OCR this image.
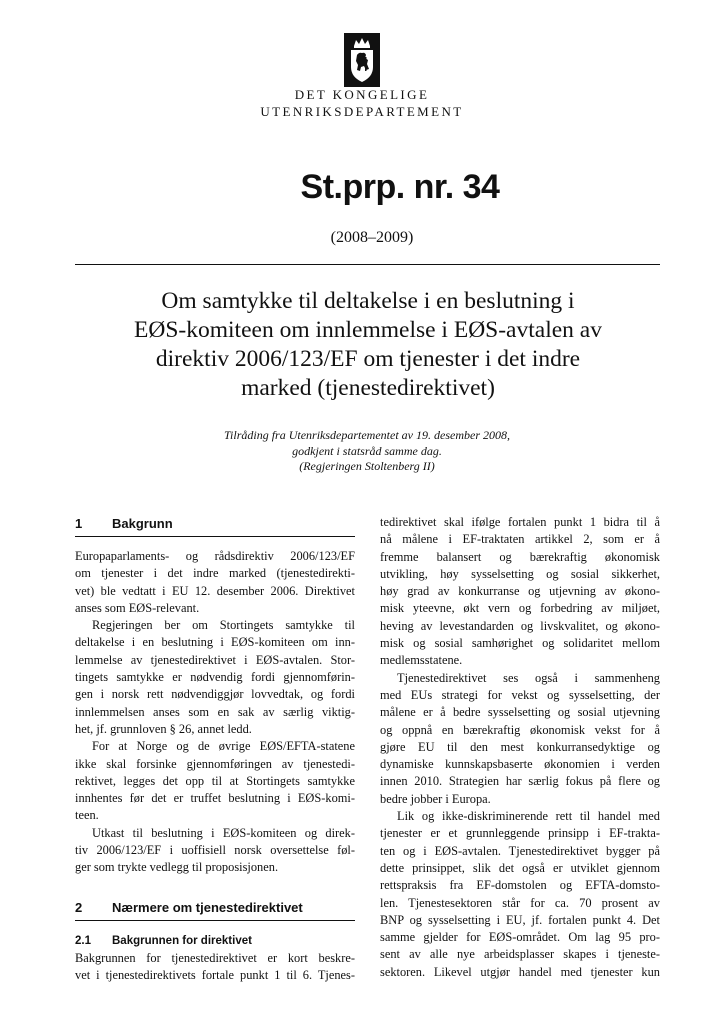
DET KONGELIGE
UTENRIKSDEPARTEMENT
St.prp. nr. 34
(2008–2009)
Om samtykke til deltakelse i en beslutning i
EØS-komiteen om innlemmelse i EØS-avtalen av
direktiv 2006/123/EF om tjenester i det indre
marked (tjenestedirektivet)
Tilråding fra Utenriksdepartementet av 19. desember 2008,
godkjent i statsråd samme dag.
(Regjeringen Stoltenberg II)
1 Bakgrunn
Europaparlaments- og rådsdirektiv 2006/123/EF
om tjenester i det indre marked (tjenestedirekti-
vet) ble vedtatt i EU 12. desember 2006. Direktivet
anses som EØS-relevant.
Regjeringen ber om Stortingets samtykke til
deltakelse i en beslutning i EØS-komiteen om inn-
lemmelse av tjenestedirektivet i EØS-avtalen. Stor-
tingets samtykke er nødvendig fordi gjennomførin-
gen i norsk rett nødvendiggjør lovvedtak, og fordi
innlemmelsen anses som en sak av særlig viktig-
het, jf. grunnloven § 26, annet ledd.
For at Norge og de øvrige EØS/EFTA-statene
ikke skal forsinke gjennomføringen av tjenestedi-
rektivet, legges det opp til at Stortingets samtykke
innhentes før det er truffet beslutning i EØS-komi-
teen.
Utkast til beslutning i EØS-komiteen og direk-
tiv 2006/123/EF i uoffisiell norsk oversettelse føl-
ger som trykte vedlegg til proposisjonen.
2 Nærmere om tjenestedirektivet
2.1 Bakgrunnen for direktivet
Bakgrunnen for tjenestedirektivet er kort beskre-
vet i tjenestedirektivets fortale punkt 1 til 6. Tjenes-
tedirektivet skal ifølge fortalen punkt 1 bidra til å
nå målene i EF-traktaten artikkel 2, som er å
fremme balansert og bærekraftig økonomisk
utvikling, høy sysselsetting og sosial sikkerhet,
høy grad av konkurranse og utjevning av økono-
misk yteevne, økt vern og forbedring av miljøet,
heving av levestandarden og livskvalitet, og økono-
misk og sosial samhørighet og solidaritet mellom
medlemsstatene.
Tjenestedirektivet ses også i sammenheng
med EUs strategi for vekst og sysselsetting, der
målene er å bedre sysselsetting og sosial utjevning
og oppnå en bærekraftig økonomisk vekst for å
gjøre EU til den mest konkurransedyktige og
dynamiske kunnskapsbaserte økonomien i verden
innen 2010. Strategien har særlig fokus på flere og
bedre jobber i Europa.
Lik og ikke-diskriminerende rett til handel med
tjenester er et grunnleggende prinsipp i EF-trakta-
ten og i EØS-avtalen. Tjenestedirektivet bygger på
dette prinsippet, slik det også er utviklet gjennom
rettspraksis fra EF-domstolen og EFTA-domsto-
len. Tjenestesektoren står for ca. 70 prosent av
BNP og sysselsetting i EU, jf. fortalen punkt 4. Det
samme gjelder for EØS-området. Om lag 95 pro-
sent av alle nye arbeidsplasser skapes i tjeneste-
sektoren. Likevel utgjør handel med tjenester kun
